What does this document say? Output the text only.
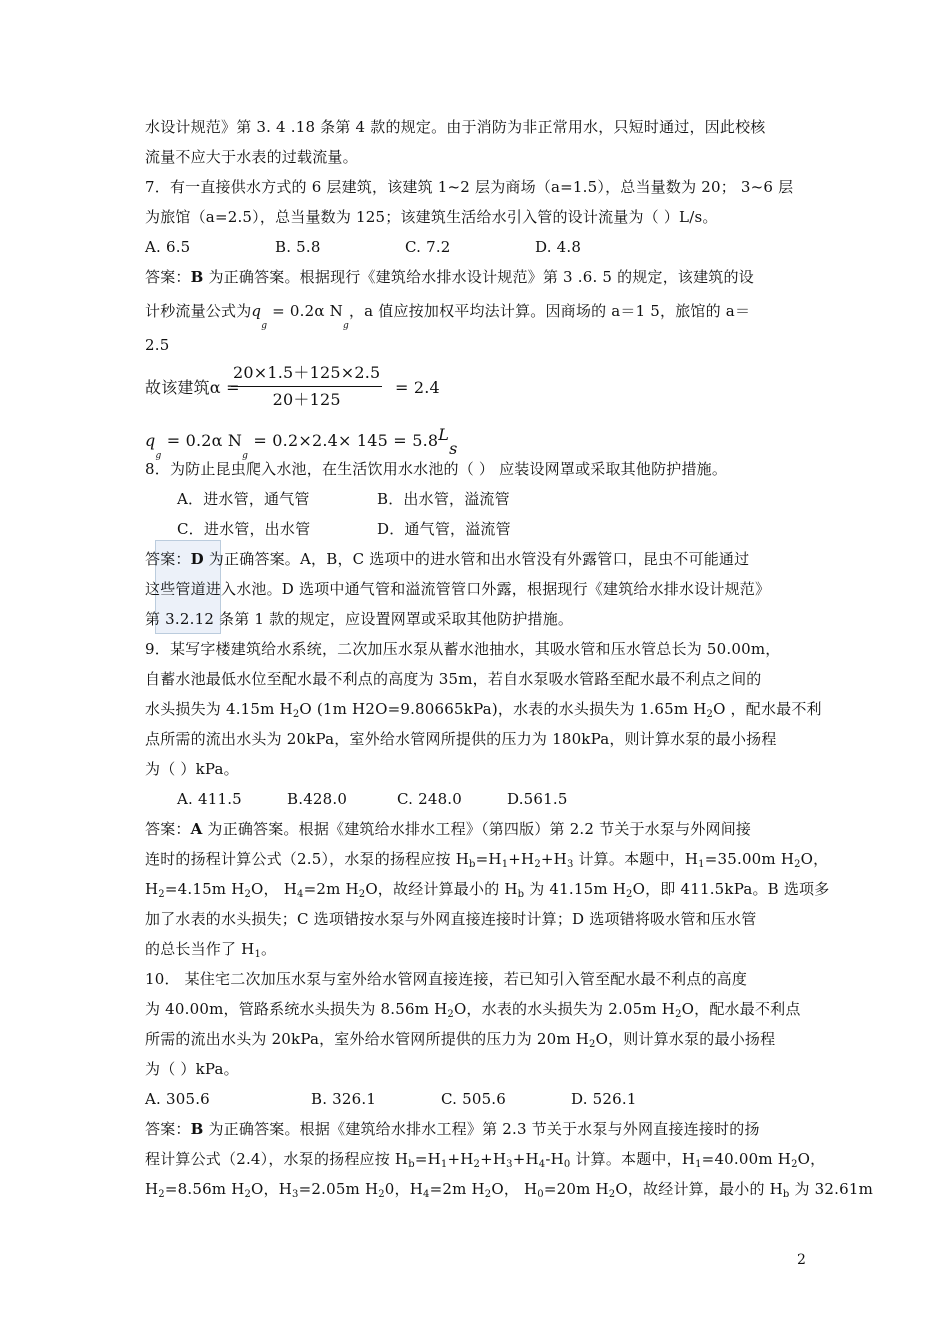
水设计规范》第 3. 4 .18 条第 4 款的规定。由于消防为非正常用水，只短时通过，因此校核
流量不应大于水表的过载流量。
7．有一直接供水方式的 6 层建筑，该建筑 1~2 层为商场（a=1.5），总当量数为 20； 3~6 层
为旅馆（a=2.5），总当量数为 125；该建筑生活给水引入管的设计流量为（ ）L/s。
A. 6.5	B. 5.8	C. 7.2	D. 4.8
答案：B 为正确答案。根据现行《建筑给水排水设计规范》第 3 .6. 5 的规定，该建筑的设
计秒流量公式为$q_g = 0.2\alpha$ $N_g$，a 值应按加权平均法计算。因商场的 a＝1 5，旅馆的 a＝
2.5
故该建筑α =
$\frac{20\times 1.5+125\times 2.5}{20+125} = 2.4$
$q_g = 0.2\alpha$ $N_g = 0.2\times 2.4\times 145 = 5.8Ls$
8．为防止昆虫爬入水池，在生活饮用水水池的（ ） 应装设网罩或采取其他防护措施。
A．进水管，通气管	B．出水管，溢流管
C．进水管，出水管	D．通气管，溢流管
答案：D 为正确答案。A，B，C 选项中的进水管和出水管没有外露管口，昆虫不可能通过
这些管道进入水池。D 选项中通气管和溢流管管口外露，根据现行《建筑给水排水设计规范》
第 3.2.12 条第 1 款的规定，应设置网罩或采取其他防护措施。
9．某写字楼建筑给水系统，二次加压水泵从蓄水池抽水，其吸水管和压水管总长为 50.00m，
自蓄水池最低水位至配水最不利点的高度为 35m，若自水泵吸水管路至配水最不利点之间的
水头损失为 4.15m $H_2O$ (1m H2O=9.80665kPa)，水表的水头损失为 1.65m $H_2O$ ，配水最不利
点所需的流出水头为 20kPa，室外给水管网所提供的压力为 180kPa，则计算水泵的最小扬程
为（ ）kPa。
A. 411.5	B.428.0	C. 248.0	D.561.5
答案：A 为正确答案。根据《建筑给水排水工程》（第四版）第 2.2 节关于水泵与外网间接
连时的扬程计算公式（2.5），水泵的扬程应按 $H_b=H_1+H_2+H_3$ 计算。本题中，$H_1=35.00m$ $H_2O$，
$H_2=4.15m$ $H_2O$， $H_4=2m$ $H_2O$，故经计算最小的 $H_b$ 为 41.15m $H_2O$，即 411.5kPa。B 选项多
加了水表的水头损失；C 选项错按水泵与外网直接连接时计算；D 选项错将吸水管和压水管
的总长当作了 $H_1$。
10． 某住宅二次加压水泵与室外给水管网直接连接，若已知引入管至配水最不利点的高度
为 40.00m，管路系统水头损失为 8.56m $H_2O$，水表的水头损失为 2.05m $H_2O$，配水最不利点
所需的流出水头为 20kPa，室外给水管网所提供的压力为 20m $H_2O$，则计算水泵的最小扬程
为（ ）kPa。
A. 305.6	B. 326.1	C. 505.6	D. 526.1
答案：B 为正确答案。根据《建筑给水排水工程》第 2.3 节关于水泵与外网直接连接时的扬
程计算公式（2.4），水泵的扬程应按 $H_b=H_1+H_2+H_3+H_4-H_0$ 计算。本题中，$H_1=40.00m$ $H_2O$，
$H_2=8.56m$ $H_2O$，$H_3=2.05m$ $H_20$，$H_4=2m$ $H_2O$， $H_0=20m$ $H_2O$，故经计算，最小的 $H_b$ 为 32.61m
2
